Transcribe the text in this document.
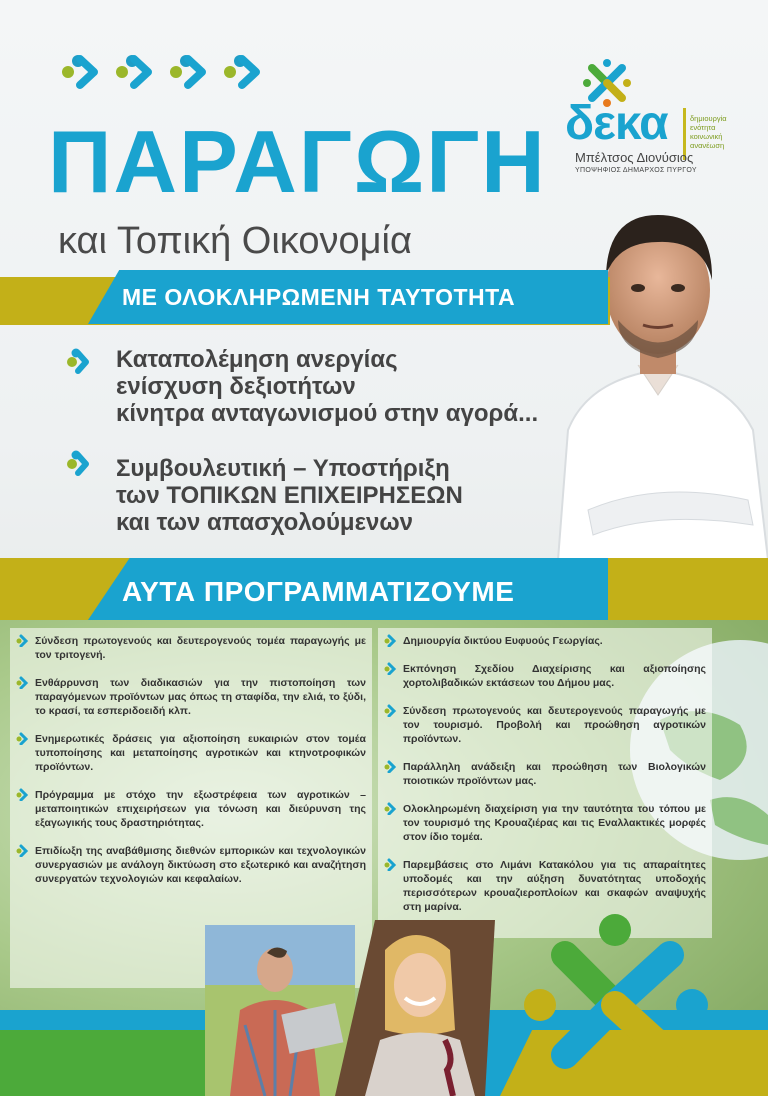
ΠΑΡΑΓΩΓΗ
και Τοπική Οικονομία
δεκα	δημιουργία
ενότητα
κοινωνική
ανανέωση
Μπέλτσος Διονύσιος
ΥΠΟΨΗΦΙΟΣ ΔΗΜΑΡΧΟΣ ΠΥΡΓΟΥ
ΜΕ ΟΛΟΚΛΗΡΩΜΕΝΗ ΤΑΥΤΟΤΗΤΑ
Καταπολέμηση ανεργίας
ενίσχυση δεξιοτήτων
κίνητρα ανταγωνισμού στην αγορά...
Συμβουλευτική – Υποστήριξη
των ΤΟΠΙΚΩΝ ΕΠΙΧΕΙΡΗΣΕΩΝ
και των απασχολούμενων
ΑΥΤΑ ΠΡΟΓΡΑΜΜΑΤΙΖΟΥΜΕ
Σύνδεση πρωτογενούς και δευτερογενούς τομέα παραγωγής με τον τριτογενή.
Ενθάρρυνση των διαδικασιών για την πιστοποίηση των παραγόμενων προϊόντων μας όπως τη σταφίδα, την ελιά, το ξύδι, το κρασί, τα εσπεριδοειδή κλπ.
Ενημερωτικές δράσεις για αξιοποίηση ευκαιριών στον τομέα τυποποίησης και μεταποίησης αγροτικών και κτηνοτροφικών προϊόντων.
Πρόγραμμα με στόχο την εξωστρέφεια των αγροτικών – μεταποιητικών επιχειρήσεων για τόνωση και διεύρυνση της εξαγωγικής τους δραστηριότητας.
Επιδίωξη της αναβάθμισης διεθνών εμπορικών και τεχνολογικών συνεργασιών με ανάλογη δικτύωση στο εξωτερικό και αναζήτηση συνεργατών τεχνολογιών και κεφαλαίων.
Δημιουργία δικτύου Ευφυούς Γεωργίας.
Εκπόνηση Σχεδίου Διαχείρισης και αξιοποίησης χορτολιβαδικών εκτάσεων του Δήμου μας.
Σύνδεση πρωτογενούς και δευτερογενούς παραγωγής με τον τουρισμό. Προβολή και προώθηση αγροτικών προϊόντων.
Παράλληλη ανάδειξη και προώθηση των Βιολογικών ποιοτικών προϊόντων μας.
Ολοκληρωμένη διαχείριση για την ταυτότητα του τόπου με τον τουρισμό της Κρουαζιέρας και τις Εναλλακτικές μορφές στον ίδιο τομέα.
Παρεμβάσεις στο Λιμάνι Κατακόλου για τις απαραίτητες υποδομές και την αύξηση δυνατότητας υποδοχής περισσότερων κρουαζιεροπλοίων και σκαφών αναψυχής στη μαρίνα.
